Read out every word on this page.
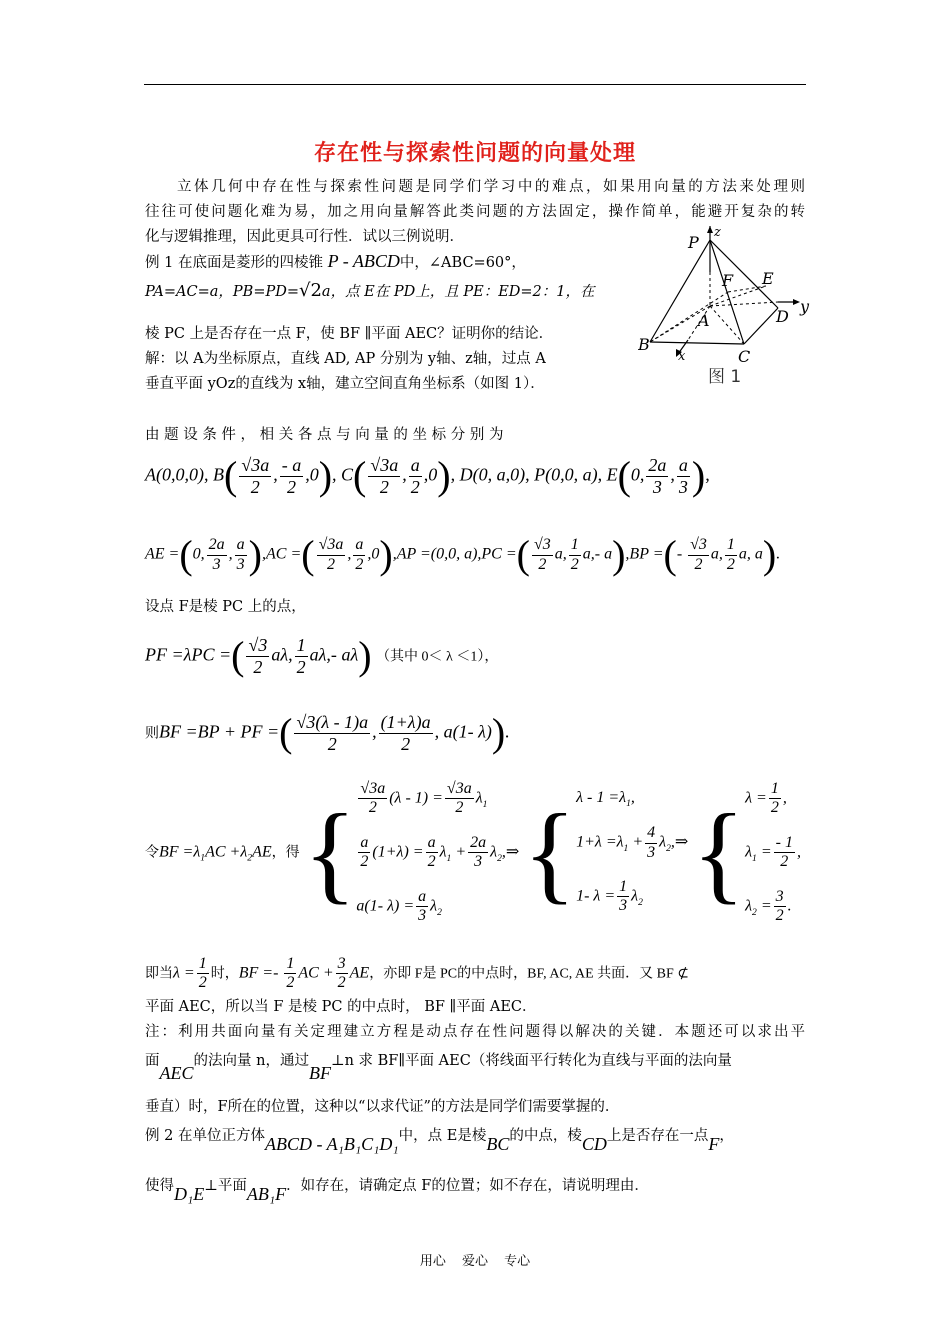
存在性与探索性问题的向量处理
立体几何中存在性与探索性问题是同学们学习中的难点，如果用向量的方法来处理则
往往可使问题化难为易，加之用向量解答此类问题的方法固定，操作简单，能避开复杂的转
化与逻辑推理，因此更具可行性．试以三例说明．
例 1 在底面是菱形的四棱锥 P - ABCD中，∠ABC=60°，
PA=AC=a，PB=PD=√2a，点 E在 PD上，且 PE：ED=2：1，在
棱 PC 上是否存在一点 F，使 BF ∥平面 AEC？证明你的结论．
解：以 A为坐标原点，直线 AD, AP 分别为 y轴、z轴，过点 A
垂直平面 yOz的直线为 x轴，建立空间直角坐标系（如图 1）．
P
z
F E
A	D
y
B
x	C
图 1
由 题 设 条 件 ， 相 关 各 点 与 向 量 的 坐 标 分 别 为
A(0,0,0), $B( \frac{√3a}{2}$ , $\frac{- a}{2} ,0$), $C( \frac{√3a}{2}$ , $\frac{a}{2} ,0$), D(0, a,0), P(0,0, a), E(0, $\frac{2a}{3}$ , $\frac{a}{3}$ ),
AE =(0, $\frac{2a}{3}$ , $\frac{a}{3} ),AC$ =( $\frac{√3a}{2}$ , $\frac{a}{2} ,0),AP =(0,0$, a),PC =( $\frac{√3}{2} a$, $\frac{1}{2} a,-$ a),BP =(- $\frac{√3}{2} a$, $\frac{1}{2} a$, a).
设点 F是棱 PC 上的点，
PF =λPC =( $\frac{√3}{2} a\lambda$, $\frac{1}{2} a\lambda,-$ aλ) （其中 0＜ λ ＜1），
则BF =BP + PF =( $\frac{√3(\lambda - 1)a}{2}$ , $\frac{(1+\lambda)a}{2}$ , a(1- λ)).
令BF $=\lambda_1AC +\lambda_2AE$，得 { $\frac{√3a}{2} (\lambda - 1) = \frac{√3a}{2} \lambda_1$
$\frac{a}{2} (1+\lambda) = \frac{a}{2} \lambda_1 + \frac{2a}{3}$ $\lambda_2,\Rightarrow$
a(1- $\lambda) = \frac{a}{3} \lambda_2$ { $\lambda - 1 =\lambda_1$,
$1+\lambda =\lambda_1 + \frac{4}{3}$ $\lambda_2,\Rightarrow$
1- $\lambda = \frac{1}{3} \lambda_2$ { $\lambda = \frac{1}{2}$ ,
$\lambda_1 = \frac{- 1}{2}$ ,
$\lambda_2 = \frac{3}{2}$ .
即当$\lambda = \frac{1}{2}$ 时，BF =- $\frac{1}{2}$ AC + $\frac{3}{2}$ AE，亦即 F是 PC的中点时，BF, AC, AE 共面．又 BF ⊄
平面 AEC，所以当 F 是棱 PC 的中点时， BF ∥平面 AEC．
注：利用共面向量有关定理建立方程是动点存在性问题得以解决的关键．本题还可以求出平
面AEC的法向量 n，通过BF⊥n 求 BF∥平面 AEC（将线面平行转化为直线与平面的法向量
垂直）时，F所在的位置，这种以“以求代证”的方法是同学们需要掌握的．
例 2 在单位正方体ABCD - A₁B₁C₁D₁中，点 E是棱BC的中点，棱CD上是否存在一点F，
使得D₁E⊥平面AB₁F．如存在，请确定点 F的位置；如不存在，请说明理由．
用心 爱心 专心
